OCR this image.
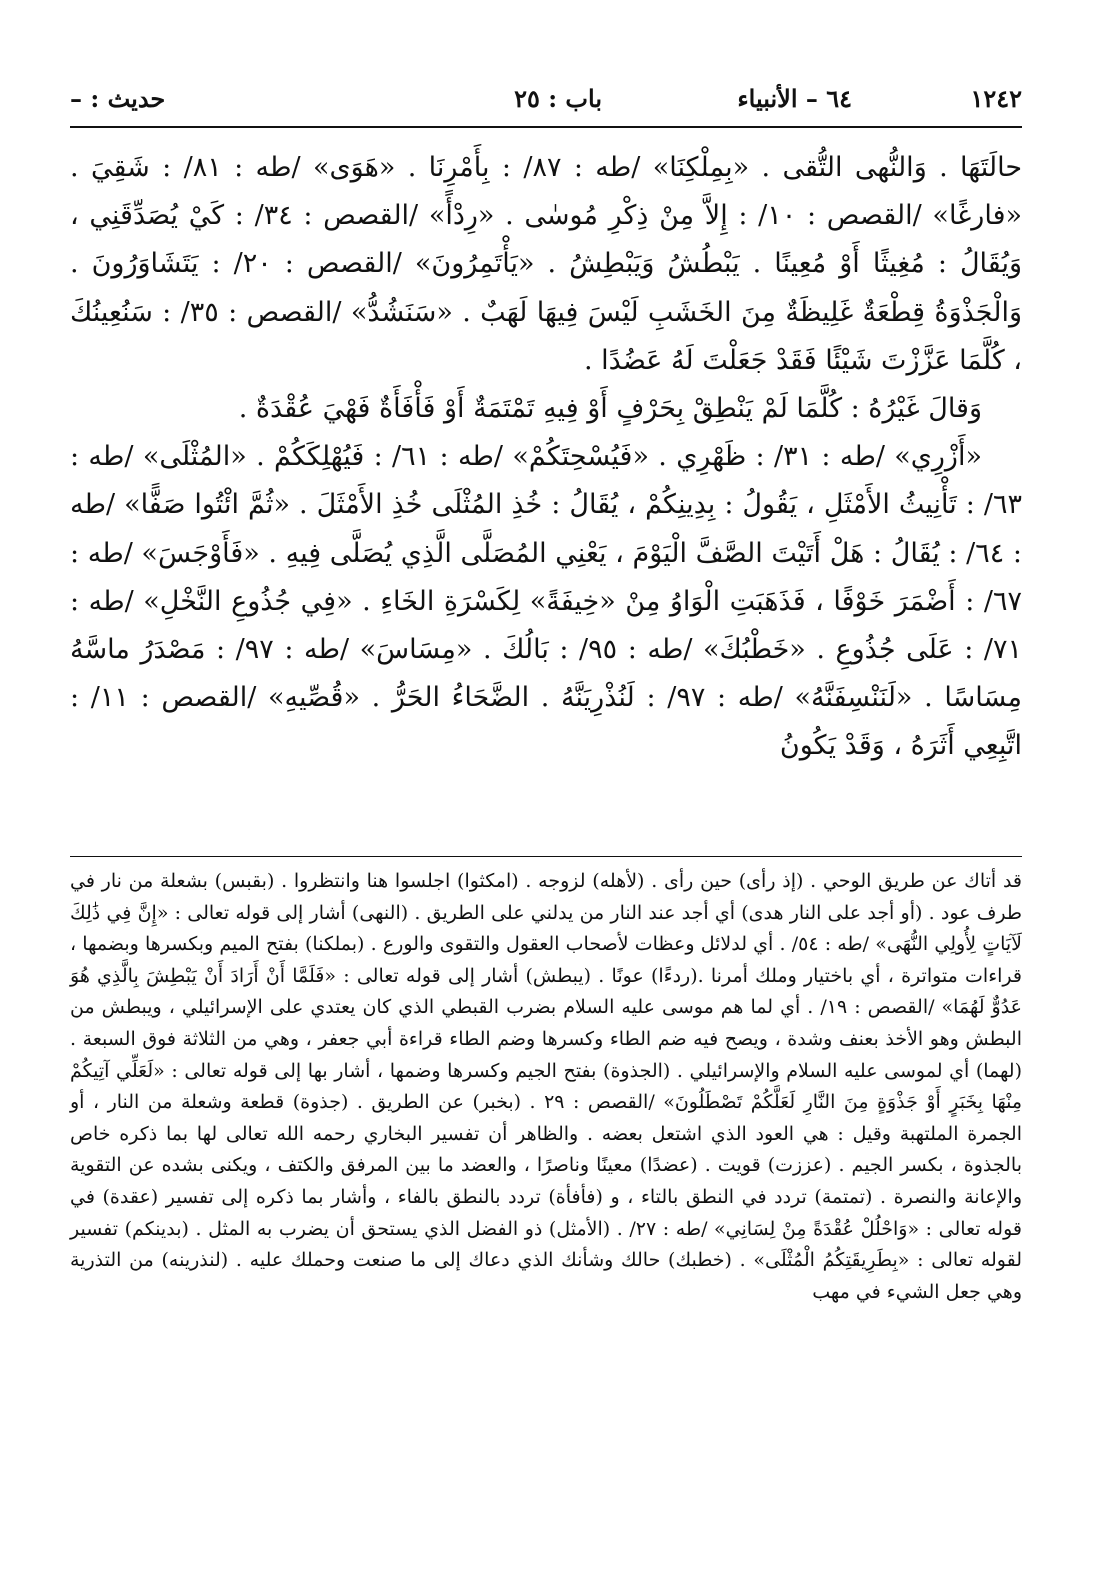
١٢٤٢
٦٤ – الأنبياء
باب : ٢٥
حديث : –

حالَتَهَا . وَالنُّهى التُّقى . «بِمِلْكِنَا» /طه : ٨٧/ : بِأَمْرِنَا . «هَوَى» /طه : ٨١/ : شَقِيَ . «فارغًا» /القصص : ١٠/ : إِلاَّ مِنْ ذِكْرِ مُوسٰى . «رِدْأً» /القصص : ٣٤/ : كَيْ يُصَدِّقَنِي ، وَيُقَالُ : مُغِيثًا أَوْ مُعِينًا . يَبْطُشُ وَيَبْطِشُ . «يَأْتَمِرُونَ» /القصص : ٢٠/ : يَتَشَاوَرُونَ . وَالْجَذْوَةُ قِطْعَةٌ غَلِيظَةٌ مِنَ الخَشَبِ لَيْسَ فِيهَا لَهَبٌ . «سَنَشُدُّ» /القصص : ٣٥/ : سَنُعِينُكَ ، كُلَّمَا عَزَّزْتَ شَيْئًا فَقَدْ جَعَلْتَ لَهُ عَضُدًا .

وَقالَ غَيْرُهُ : كُلَّمَا لَمْ يَنْطِقْ بِحَرْفٍ أَوْ فِيهِ تَمْتَمَةٌ أَوْ فَأْفَأَةٌ فَهْيَ عُقْدَةٌ .

«أَزْرِي» /طه : ٣١/ : ظَهْرِي . «فَيُسْحِتَكُمْ» /طه : ٦١/ : فَيُهْلِكَكُمْ . «المُثْلَى» /طه : ٦٣/ : تَأْنِيثُ الأَمْثَلِ ، يَقُولُ : بِدِينِكُمْ ، يُقَالُ : خُذِ المُثْلَى خُذِ الأَمْثَلَ . «ثُمَّ ائْتُوا صَفًّا» /طه : ٦٤/ : يُقَالُ : هَلْ أَتَيْتَ الصَّفَّ الْيَوْمَ ، يَعْنِي المُصَلَّى الَّذِي يُصَلَّى فِيهِ . «فَأَوْجَسَ» /طه : ٦٧/ : أَضْمَرَ خَوْفًا ، فَذَهَبَتِ الْوَاوُ مِنْ «خِيفَةً» لِكَسْرَةِ الخَاءِ . «فِي جُذُوعِ النَّخْلِ» /طه : ٧١/ : عَلَى جُذُوعِ . «خَطْبُكَ» /طه : ٩٥/ : بَالُكَ . «مِسَاسَ» /طه : ٩٧/ : مَصْدَرُ ماسَّهُ مِسَاسًا . «لَنَنْسِفَنَّهُ» /طه : ٩٧/ : لَنُذْرِيَنَّهُ . الضَّحَاءُ الحَرُّ . «قُصِّيهِ» /القصص : ١١/ : اتَّبِعِي أَثَرَهُ ، وَقَدْ يَكُونُ

قد أتاك عن طريق الوحي . (إذ رأى) حين رأى . (لأهله) لزوجه . (امكثوا) اجلسوا هنا وانتظروا . (بقبس) بشعلة من نار في طرف عود . (أو أجد على النار هدى) أي أجد عند النار من يدلني على الطريق . (النهى) أشار إلى قوله تعالى : «إِنَّ فِي ذَٰلِكَ لَآيَاتٍ لِأُولِي النُّهَى» /طه : ٥٤/ . أي لدلائل وعظات لأصحاب العقول والتقوى والورع . (بملكنا) بفتح الميم وبكسرها وبضمها ، قراءات متواترة ، أي باختيار وملك أمرنا .(ردءًا) عونًا . (يبطش) أشار إلى قوله تعالى : «فَلَمَّا أَنْ أَرَادَ أَنْ يَبْطِشَ بِالَّذِي هُوَ عَدُوٌّ لَهُمَا» /القصص : ١٩/ . أي لما هم موسى عليه السلام بضرب القبطي الذي كان يعتدي على الإسرائيلي ، ويبطش من البطش وهو الأخذ بعنف وشدة ، ويصح فيه ضم الطاء وكسرها وضم الطاء قراءة أبي جعفر ، وهي من الثلاثة فوق السبعة . (لهما) أي لموسى عليه السلام والإسرائيلي . (الجذوة) بفتح الجيم وكسرها وضمها ، أشار بها إلى قوله تعالى : «لَعَلِّي آتِيكُمْ مِنْهَا بِخَبَرٍ أَوْ جَذْوَةٍ مِنَ النَّارِ لَعَلَّكُمْ تَصْطَلُونَ» /القصص : ٢٩ . (بخبر) عن الطريق . (جذوة) قطعة وشعلة من النار ، أو الجمرة الملتهبة وقيل : هي العود الذي اشتعل بعضه . والظاهر أن تفسير البخاري رحمه الله تعالى لها بما ذكره خاص بالجذوة ، بكسر الجيم . (عززت) قويت . (عضدًا) معينًا وناصرًا ، والعضد ما بين المرفق والكتف ، ويكنى بشده عن التقوية والإعانة والنصرة . (تمتمة) تردد في النطق بالتاء ، و (فأفأة) تردد بالنطق بالفاء ، وأشار بما ذكره إلى تفسير (عقدة) في قوله تعالى : «وَاحْلُلْ عُقْدَةً مِنْ لِسَانِي» /طه : ٢٧/ . (الأمثل) ذو الفضل الذي يستحق أن يضرب به المثل . (بدينكم) تفسير لقوله تعالى : «بِطَرِيقَتِكُمُ الْمُثْلَى» . (خطبك) حالك وشأنك الذي دعاك إلى ما صنعت وحملك عليه . (لنذرينه) من التذرية وهي جعل الشيء في مهب
